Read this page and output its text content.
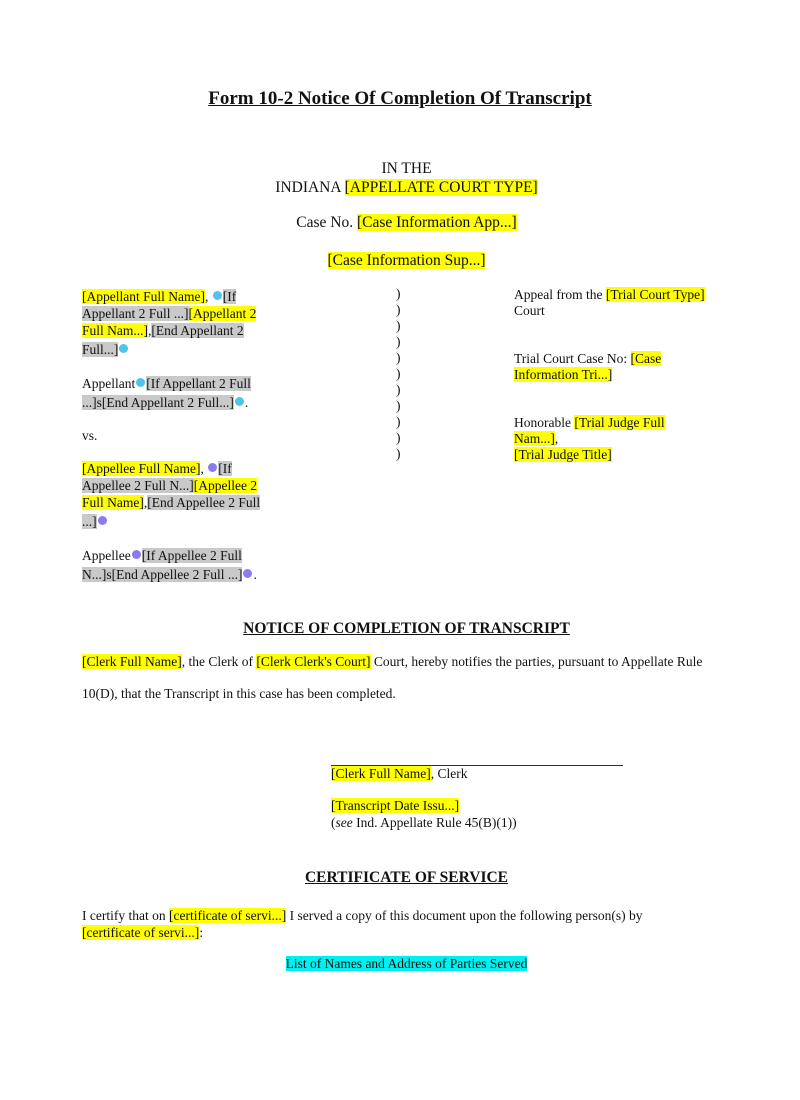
Form 10-2 Notice Of Completion Of Transcript
IN THE
INDIANA [APPELLATE COURT TYPE]
Case No. [Case Information App...]
[Case Information Sup...]
[Appellant Full Name], [If
Appellant 2 Full ...][Appellant 2
Full Nam...],[End Appellant 2
Full...]
Appellant [If Appellant 2 Full
...]s[End Appellant 2 Full...] .
vs.
[Appellee Full Name], [If
Appellee 2 Full N...][Appellee 2
Full Name],[End Appellee 2 Full
...]
Appellee [If Appellee 2 Full
N...]s[End Appellee 2 Full ...] .
)
)
)
)
)
)
)
)
)
)
)
Appeal from the [Trial Court Type]
Court
Trial Court Case No: [Case
Information Tri...]
Honorable [Trial Judge Full
Nam...],
[Trial Judge Title]
NOTICE OF COMPLETION OF TRANSCRIPT
[Clerk Full Name], the Clerk of [Clerk Clerk's Court] Court, hereby notifies the parties, pursuant to Appellate Rule
10(D), that the Transcript in this case has been completed.
[Clerk Full Name], Clerk
[Transcript Date Issu...]
(see Ind. Appellate Rule 45(B)(1))
CERTIFICATE OF SERVICE
I certify that on [certificate of servi...] I served a copy of this document upon the following person(s) by
[certificate of servi...]:
List of Names and Address of Parties Served
